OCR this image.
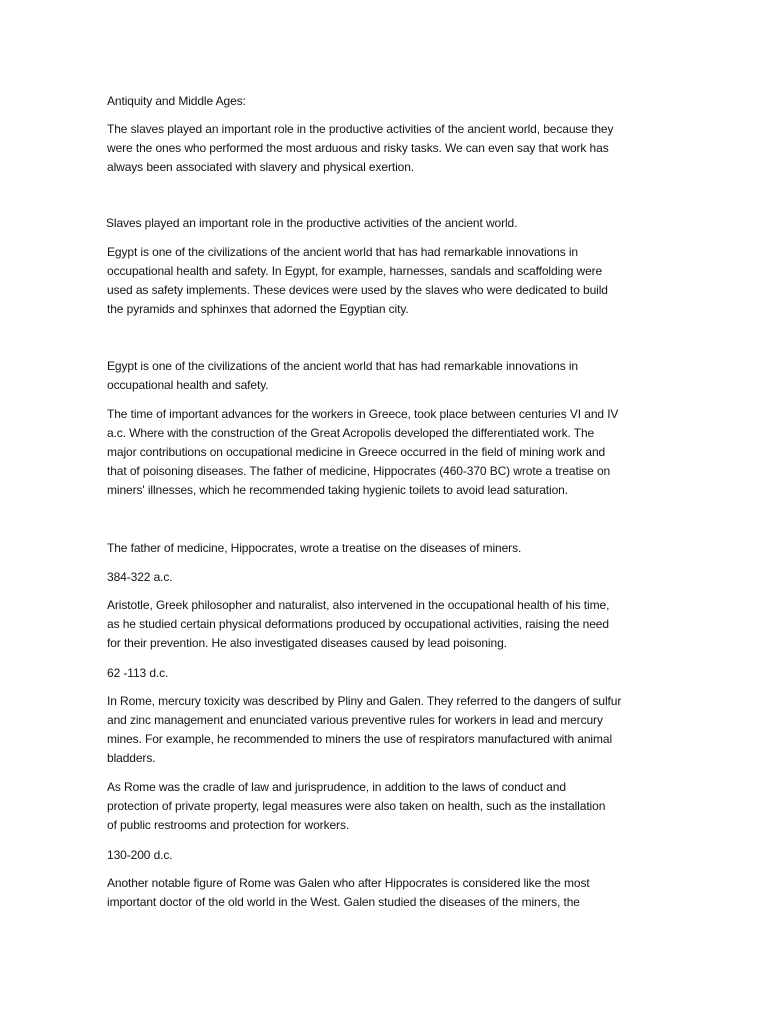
Antiquity and Middle Ages:

The slaves played an important role in the productive activities of the ancient world, because they
were the ones who performed the most arduous and risky tasks. We can even say that work has
always been associated with slavery and physical exertion.

Slaves played an important role in the productive activities of the ancient world.

Egypt is one of the civilizations of the ancient world that has had remarkable innovations in
occupational health and safety. In Egypt, for example, harnesses, sandals and scaffolding were
used as safety implements. These devices were used by the slaves who were dedicated to build
the pyramids and sphinxes that adorned the Egyptian city.

Egypt is one of the civilizations of the ancient world that has had remarkable innovations in
occupational health and safety.

The time of important advances for the workers in Greece, took place between centuries VI and IV
a.c. Where with the construction of the Great Acropolis developed the differentiated work. The
major contributions on occupational medicine in Greece occurred in the field of mining work and
that of poisoning diseases. The father of medicine, Hippocrates (460-370 BC) wrote a treatise on
miners' illnesses, which he recommended taking hygienic toilets to avoid lead saturation.

The father of medicine, Hippocrates, wrote a treatise on the diseases of miners.

384-322 a.c.

Aristotle, Greek philosopher and naturalist, also intervened in the occupational health of his time,
as he studied certain physical deformations produced by occupational activities, raising the need
for their prevention. He also investigated diseases caused by lead poisoning.

62 -113 d.c.

In Rome, mercury toxicity was described by Pliny and Galen. They referred to the dangers of sulfur
and zinc management and enunciated various preventive rules for workers in lead and mercury
mines. For example, he recommended to miners the use of respirators manufactured with animal
bladders.

As Rome was the cradle of law and jurisprudence, in addition to the laws of conduct and
protection of private property, legal measures were also taken on health, such as the installation
of public restrooms and protection for workers.

130-200 d.c.

Another notable figure of Rome was Galen who after Hippocrates is considered like the most
important doctor of the old world in the West. Galen studied the diseases of the miners, the
